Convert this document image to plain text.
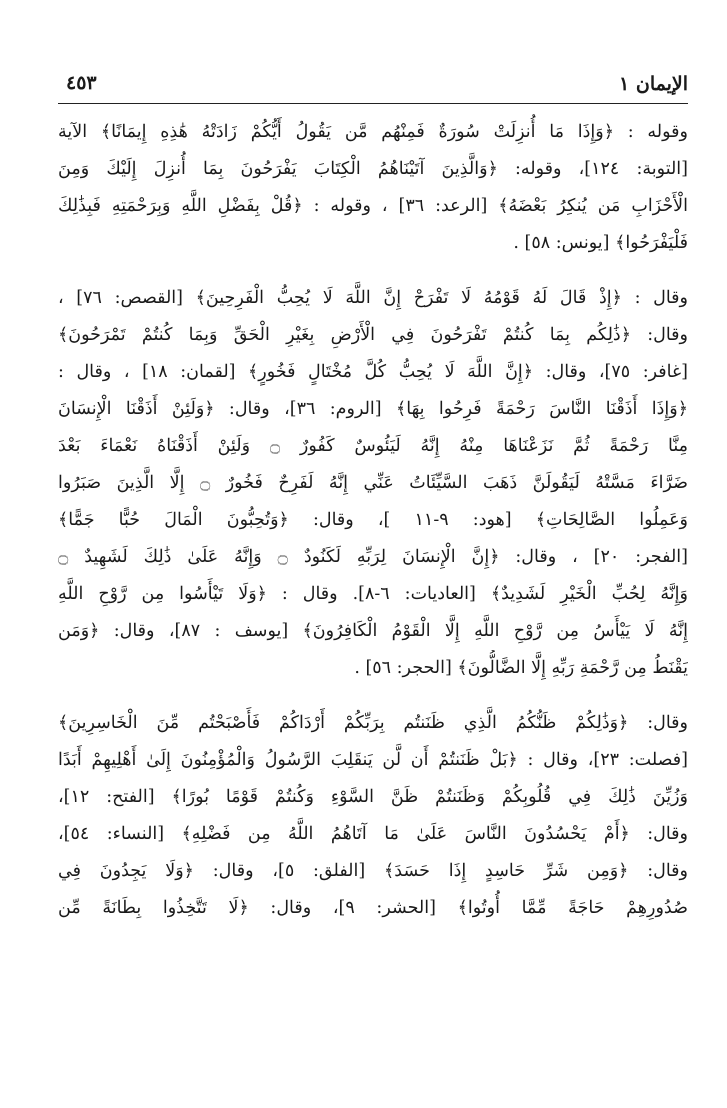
الإيمان ١
٤٥٣
وقوله : ﴿وَإِذَا مَا أُنزِلَتْ سُورَةٌ فَمِنْهُم مَّن يَقُولُ أَيُّكُمْ زَادَتْهُ هَٰذِهِ إِيمَانًا﴾ الآية
[التوبة: ١٢٤]، وقوله: ﴿وَالَّذِينَ آتَيْنَاهُمُ الْكِتَابَ يَفْرَحُونَ بِمَا أُنزِلَ إِلَيْكَ وَمِنَ
الْأَحْزَابِ مَن يُنكِرُ بَعْضَهُ﴾ [الرعد: ٣٦] ، وقوله : ﴿قُلْ بِفَضْلِ اللَّهِ وَبِرَحْمَتِهِ فَبِذَٰلِكَ
فَلْيَفْرَحُوا﴾ [يونس: ٥٨] .
وقال : ﴿إِذْ قَالَ لَهُ قَوْمُهُ لَا تَفْرَحْ إِنَّ اللَّهَ لَا يُحِبُّ الْفَرِحِينَ﴾ [القصص: ٧٦] ،
وقال: ﴿ذَٰلِكُم بِمَا كُنتُمْ تَفْرَحُونَ فِي الْأَرْضِ بِغَيْرِ الْحَقِّ وَبِمَا كُنتُمْ تَمْرَحُونَ﴾
[غافر: ٧٥]، وقال: ﴿إِنَّ اللَّهَ لَا يُحِبُّ كُلَّ مُخْتَالٍ فَخُورٍ﴾ [لقمان: ١٨] ، وقال :
﴿وَإِذَا أَذَقْنَا النَّاسَ رَحْمَةً فَرِحُوا بِهَا﴾ [الروم: ٣٦]، وقال: ﴿وَلَئِنْ أَذَقْنَا الْإِنسَانَ
مِنَّا رَحْمَةً ثُمَّ نَزَعْنَاهَا مِنْهُ إِنَّهُ لَيَئُوسٌ كَفُورٌ ۝ وَلَئِنْ أَذَقْنَاهُ نَعْمَاءَ بَعْدَ
ضَرَّاءَ مَسَّتْهُ لَيَقُولَنَّ ذَهَبَ السَّيِّئَاتُ عَنِّي إِنَّهُ لَفَرِحٌ فَخُورٌ ۝ إِلَّا الَّذِينَ صَبَرُوا
وَعَمِلُوا الصَّالِحَاتِ﴾ [هود: ٩-١١ ]، وقال: ﴿وَتُحِبُّونَ الْمَالَ حُبًّا جَمًّا﴾
[الفجر: ٢٠] ، وقال: ﴿إِنَّ الْإِنسَانَ لِرَبِّهِ لَكَنُودٌ ۝ وَإِنَّهُ عَلَىٰ ذَٰلِكَ لَشَهِيدٌ ۝
وَإِنَّهُ لِحُبِّ الْخَيْرِ لَشَدِيدٌ﴾ [العاديات: ٦-٨]. وقال : ﴿وَلَا تَيْأَسُوا مِن رَّوْحِ اللَّهِ
إِنَّهُ لَا يَيْأَسُ مِن رَّوْحِ اللَّهِ إِلَّا الْقَوْمُ الْكَافِرُونَ﴾ [يوسف : ٨٧]، وقال: ﴿وَمَن
يَقْنَطُ مِن رَّحْمَةِ رَبِّهِ إِلَّا الضَّالُّونَ﴾ [الحجر: ٥٦] .
وقال: ﴿وَذَٰلِكُمْ ظَنُّكُمُ الَّذِي ظَنَنتُم بِرَبِّكُمْ أَرْدَاكُمْ فَأَصْبَحْتُم مِّنَ الْخَاسِرِينَ﴾
[فصلت: ٢٣]، وقال : ﴿بَلْ ظَنَنتُمْ أَن لَّن يَنقَلِبَ الرَّسُولُ وَالْمُؤْمِنُونَ إِلَىٰ أَهْلِيهِمْ أَبَدًا
وَزُيِّنَ ذَٰلِكَ فِي قُلُوبِكُمْ وَظَنَنتُمْ ظَنَّ السَّوْءِ وَكُنتُمْ قَوْمًا بُورًا﴾ [الفتح: ١٢]،
وقال: ﴿أَمْ يَحْسُدُونَ النَّاسَ عَلَىٰ مَا آتَاهُمُ اللَّهُ مِن فَضْلِهِ﴾ [النساء: ٥٤]،
وقال: ﴿وَمِن شَرِّ حَاسِدٍ إِذَا حَسَدَ﴾ [الفلق: ٥]، وقال: ﴿وَلَا يَجِدُونَ فِي
صُدُورِهِمْ حَاجَةً مِّمَّا أُوتُوا﴾ [الحشر: ٩]، وقال: ﴿لَا تَتَّخِذُوا بِطَانَةً مِّن
